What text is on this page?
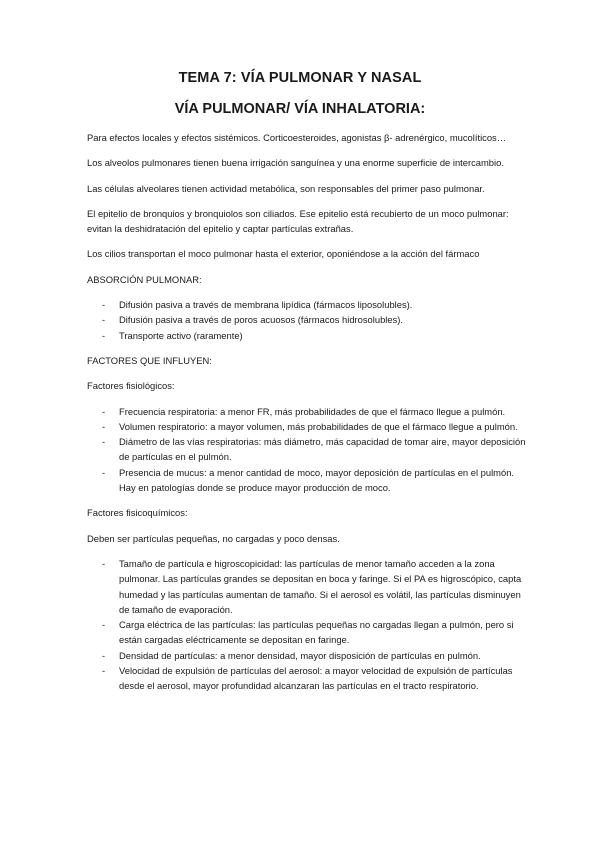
TEMA 7: VÍA PULMONAR Y NASAL
VÍA PULMONAR/ VÍA INHALATORIA:

Para efectos locales y efectos sistémicos. Corticoesteroides, agonistas β- adrenérgico, mucolíticos…

Los alveolos pulmonares tienen buena irrigación sanguínea y una enorme superficie de intercambio.

Las células alveolares tienen actividad metabólica, son responsables del primer paso pulmonar.

El epitelio de bronquios y bronquiolos son ciliados. Ese epitelio está recubierto de un moco pulmonar: evitan la deshidratación del epitelio y captar partículas extrañas.

Los cilios transportan el moco pulmonar hasta el exterior, oponiéndose a la acción del fármaco

ABSORCIÓN PULMONAR:

- Difusión pasiva a través de membrana lipídica (fármacos liposolubles).
- Difusión pasiva a través de poros acuosos (fármacos hidrosolubles).
- Transporte activo (raramente)

FACTORES QUE INFLUYEN:

Factores fisiológicos:

- Frecuencia respiratoria: a menor FR, más probabilidades de que el fármaco llegue a pulmón.
- Volumen respiratorio: a mayor volumen, más probabilidades de que el fármaco llegue a pulmón.
- Diámetro de las vías respiratorias: más diámetro, más capacidad de tomar aire, mayor deposición de partículas en el pulmón.
- Presencia de mucus: a menor cantidad de moco, mayor deposición de partículas en el pulmón. Hay en patologías donde se produce mayor producción de moco.

Factores fisicoquímicos:

Deben ser partículas pequeñas, no cargadas y poco densas.

- Tamaño de partícula e higroscopicidad: las partículas de menor tamaño acceden a la zona pulmonar. Las partículas grandes se depositan en boca y faringe. Si el PA es higroscópico, capta humedad y las partículas aumentan de tamaño. Si el aerosol es volátil, las partículas disminuyen de tamaño de evaporación.
- Carga eléctrica de las partículas: las partículas pequeñas no cargadas llegan a pulmón, pero si están cargadas eléctricamente se depositan en faringe.
- Densidad de partículas: a menor densidad, mayor disposición de partículas en pulmón.
- Velocidad de expulsión de partículas del aerosol: a mayor velocidad de expulsión de partículas desde el aerosol, mayor profundidad alcanzaran las partículas en el tracto respiratorio.
